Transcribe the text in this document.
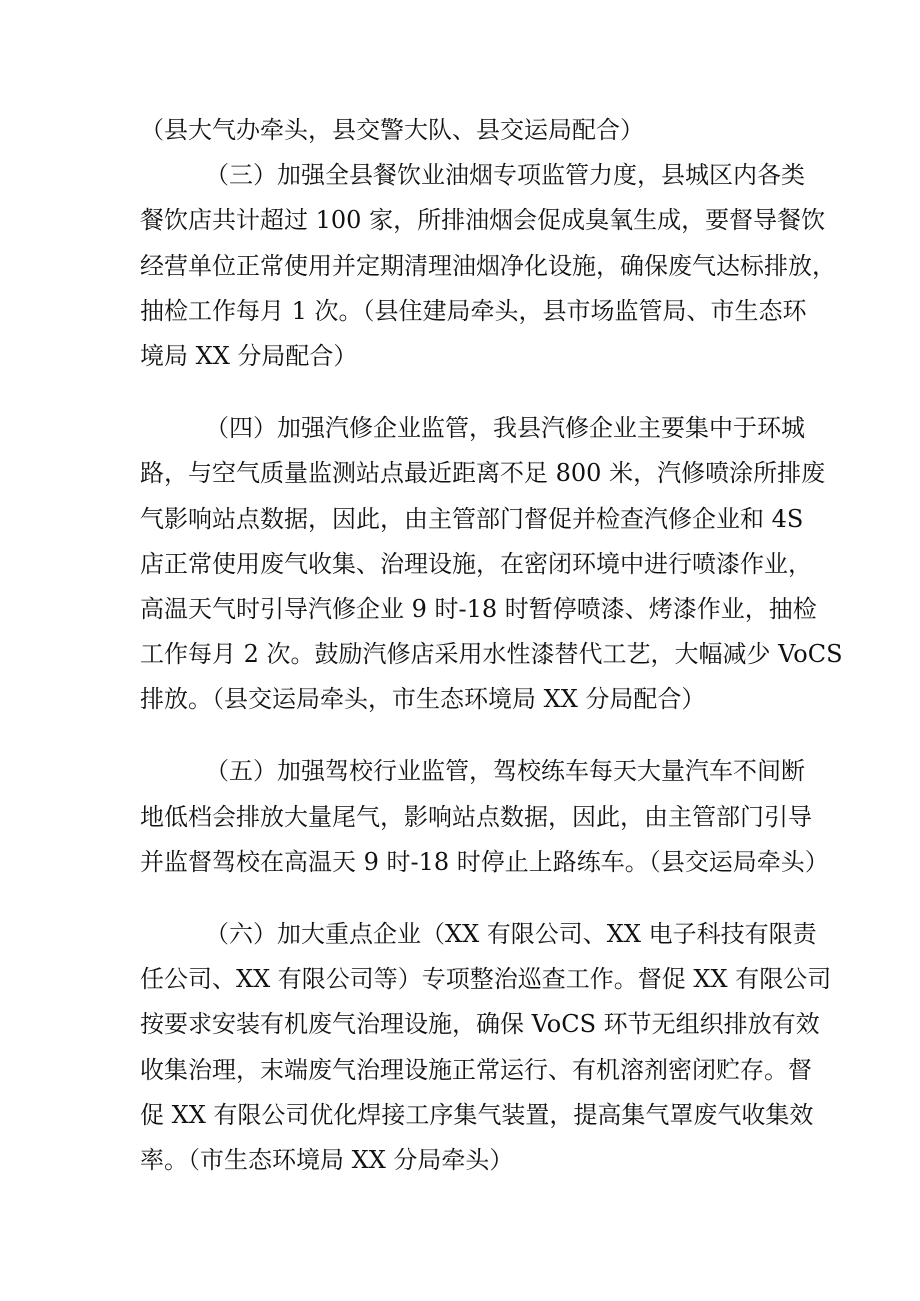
（县大气办牵头，县交警大队、县交运局配合）
（三）加强全县餐饮业油烟专项监管力度，县城区内各类
餐饮店共计超过 100 家，所排油烟会促成臭氧生成，要督导餐饮
经营单位正常使用并定期清理油烟净化设施，确保废气达标排放，
抽检工作每月 1 次。（县住建局牵头，县市场监管局、市生态环
境局 XX 分局配合）
（四）加强汽修企业监管，我县汽修企业主要集中于环城
路，与空气质量监测站点最近距离不足 800 米，汽修喷涂所排废
气影响站点数据，因此，由主管部门督促并检查汽修企业和 4S
店正常使用废气收集、治理设施，在密闭环境中进行喷漆作业，
高温天气时引导汽修企业 9 时-18 时暂停喷漆、烤漆作业，抽检
工作每月 2 次。鼓励汽修店采用水性漆替代工艺，大幅减少 VoCS
排放。（县交运局牵头，市生态环境局 XX 分局配合）
（五）加强驾校行业监管，驾校练车每天大量汽车不间断
地低档会排放大量尾气，影响站点数据，因此，由主管部门引导
并监督驾校在高温天 9 时-18 时停止上路练车。（县交运局牵头）
（六）加大重点企业（XX 有限公司、XX 电子科技有限责
任公司、XX 有限公司等）专项整治巡查工作。督促 XX 有限公司
按要求安装有机废气治理设施，确保 VoCS 环节无组织排放有效
收集治理，末端废气治理设施正常运行、有机溶剂密闭贮存。督
促 XX 有限公司优化焊接工序集气装置，提高集气罩废气收集效
率。（市生态环境局 XX 分局牵头）
